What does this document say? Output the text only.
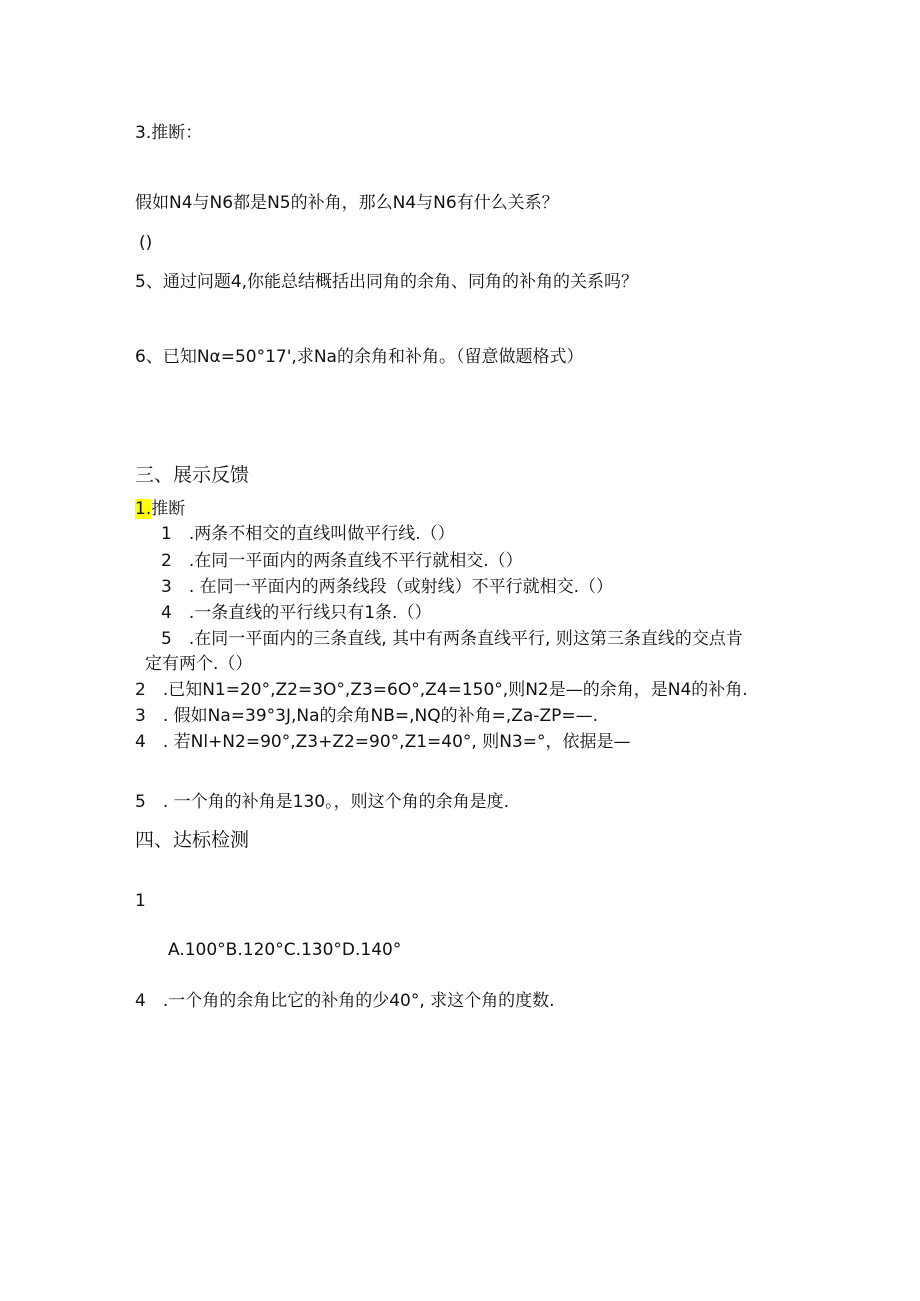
3.推断：
假如N4与N6都是N5的补角，那么N4与N6有什么关系？
()
5、通过问题4,你能总结概括出同角的余角、同角的补角的关系吗？
6、已知Nα=50°17',求Na的余角和补角。（留意做题格式）
三、展示反馈
1.推断
1　.两条不相交的直线叫做平行线.（）
2　.在同一平面内的两条直线不平行就相交.（）
3　. 在同一平面内的两条线段（或射线）不平行就相交.（）
4　.一条直线的平行线只有1条.（）
5　.在同一平面内的三条直线, 其中有两条直线平行, 则这第三条直线的交点肯
定有两个.（）
2　.已知N1=20°,Z2=3O°,Z3=6O°,Z4=150°,则N2是—的余角，是N4的补角.
3　. 假如Na=39°3J,Na的余角NB=,NQ的补角=,Za-ZP=—.
4　. 若Nl+N2=90°,Z3+Z2=90°,Z1=40°, 则N3=°，依据是—
5　. 一个角的补角是130。，则这个角的余角是度.
四、达标检测
1
A.100°B.120°C.130°D.140°
4　.一个角的余角比它的补角的少40°, 求这个角的度数.
